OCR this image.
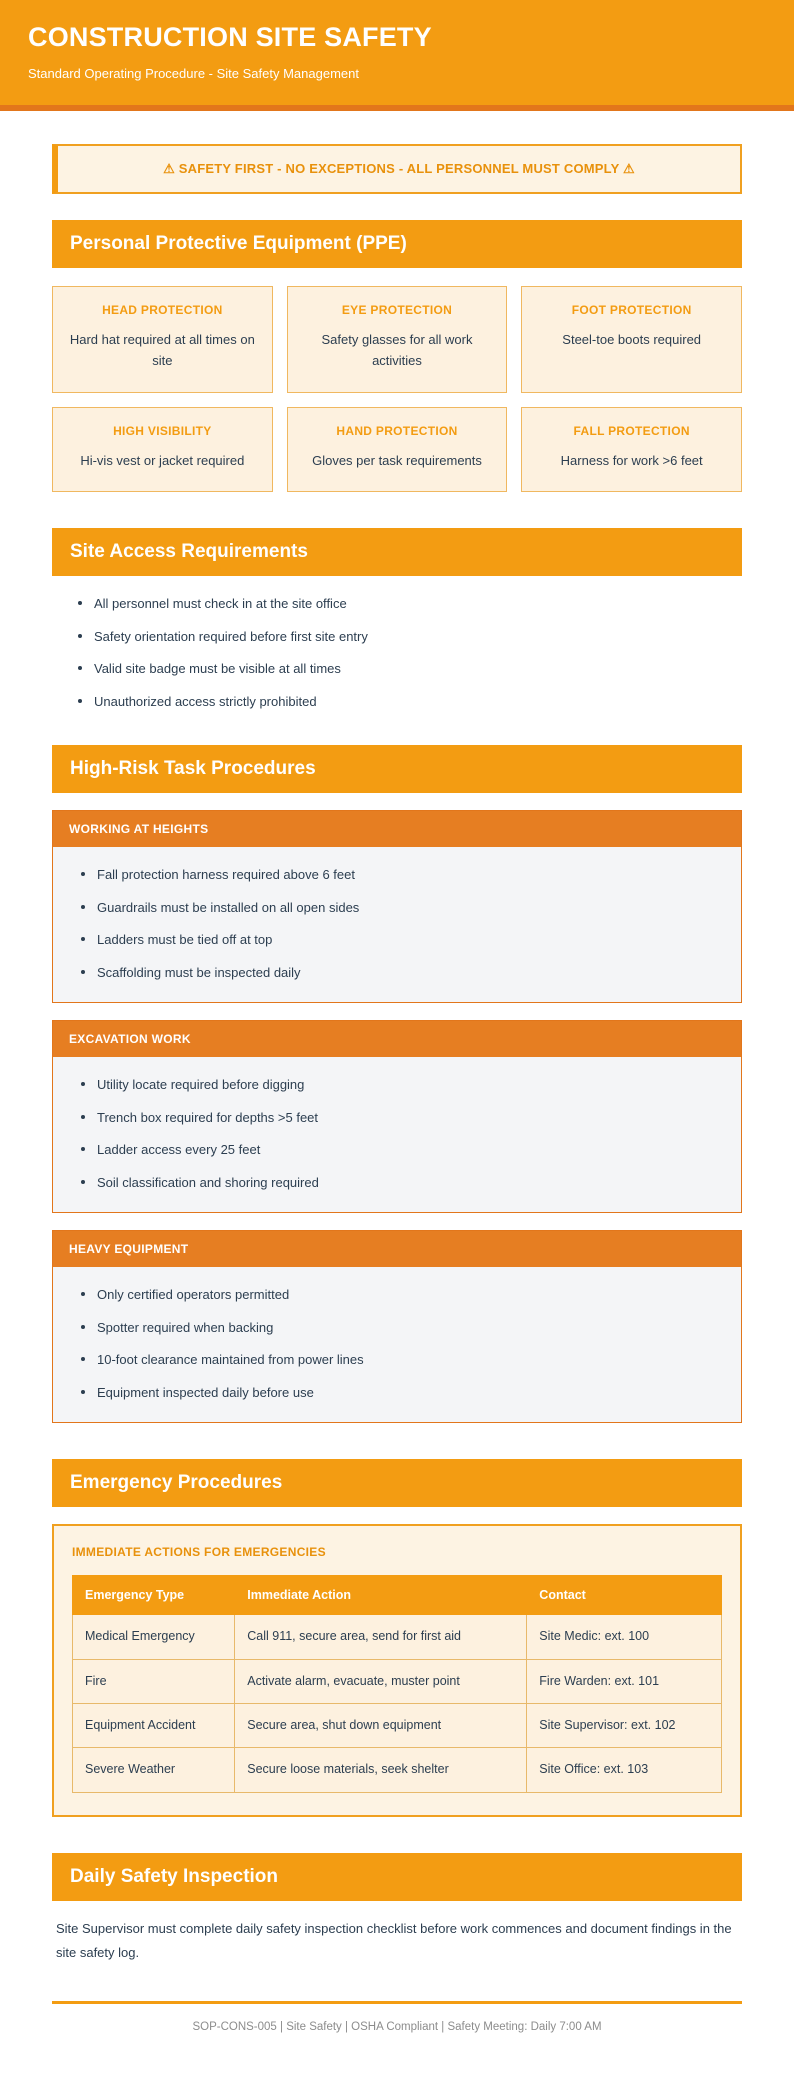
CONSTRUCTION SITE SAFETY
Standard Operating Procedure - Site Safety Management
⚠ SAFETY FIRST - NO EXCEPTIONS - ALL PERSONNEL MUST COMPLY ⚠
Personal Protective Equipment (PPE)
HEAD PROTECTION
Hard hat required at all times on site
EYE PROTECTION
Safety glasses for all work activities
FOOT PROTECTION
Steel-toe boots required
HIGH VISIBILITY
Hi-vis vest or jacket required
HAND PROTECTION
Gloves per task requirements
FALL PROTECTION
Harness for work >6 feet
Site Access Requirements
All personnel must check in at the site office
Safety orientation required before first site entry
Valid site badge must be visible at all times
Unauthorized access strictly prohibited
High-Risk Task Procedures
WORKING AT HEIGHTS
Fall protection harness required above 6 feet
Guardrails must be installed on all open sides
Ladders must be tied off at top
Scaffolding must be inspected daily
EXCAVATION WORK
Utility locate required before digging
Trench box required for depths >5 feet
Ladder access every 25 feet
Soil classification and shoring required
HEAVY EQUIPMENT
Only certified operators permitted
Spotter required when backing
10-foot clearance maintained from power lines
Equipment inspected daily before use
Emergency Procedures
IMMEDIATE ACTIONS FOR EMERGENCIES
Emergency Type	Immediate Action	Contact
Medical Emergency	Call 911, secure area, send for first aid	Site Medic: ext. 100
Fire	Activate alarm, evacuate, muster point	Fire Warden: ext. 101
Equipment Accident	Secure area, shut down equipment	Site Supervisor: ext. 102
Severe Weather	Secure loose materials, seek shelter	Site Office: ext. 103
Daily Safety Inspection
Site Supervisor must complete daily safety inspection checklist before work commences and document findings in the site safety log.
SOP-CONS-005 | Site Safety | OSHA Compliant | Safety Meeting: Daily 7:00 AM
